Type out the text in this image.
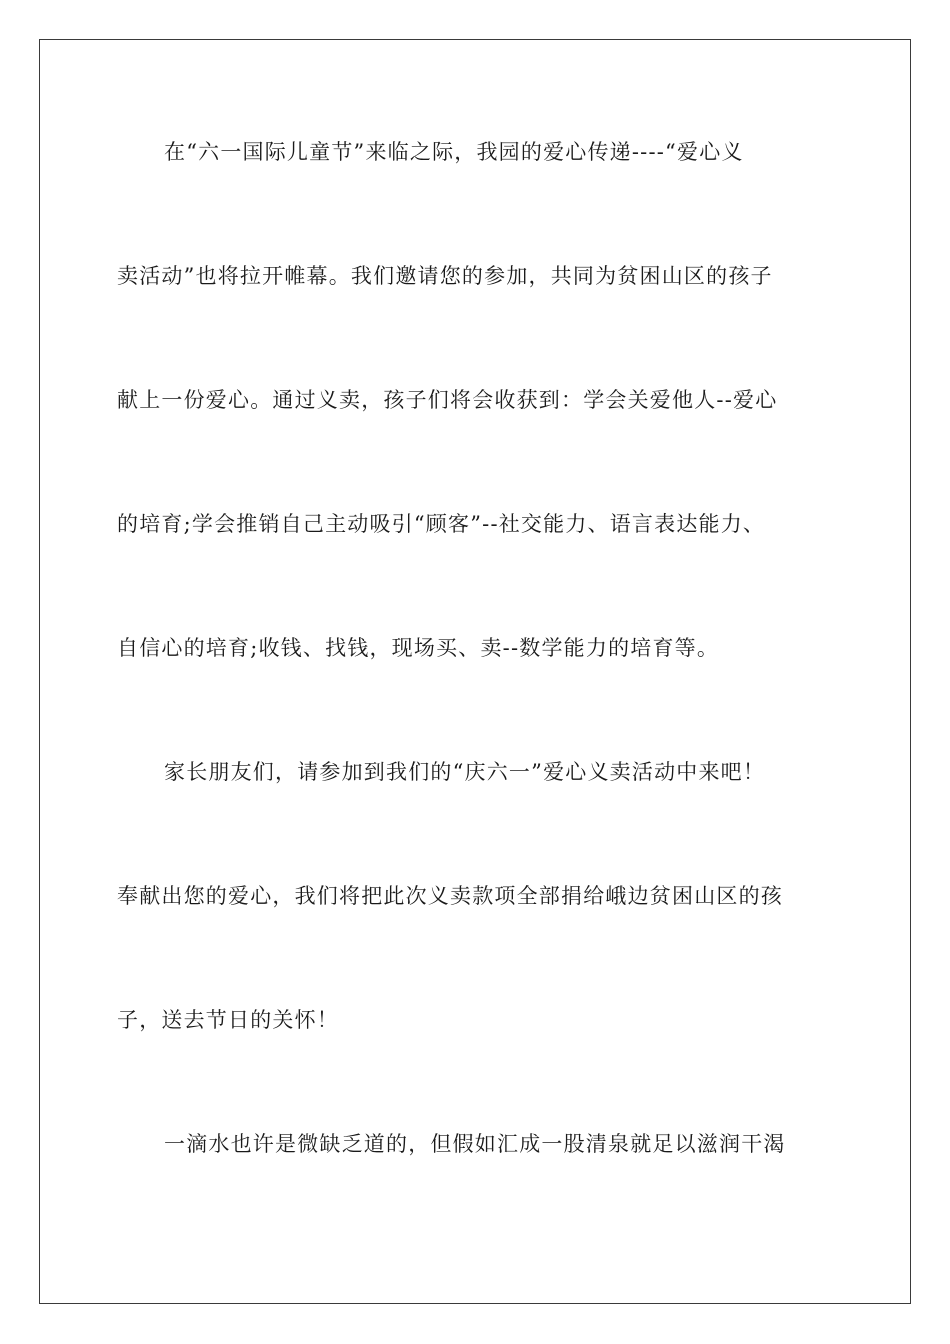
在“六一国际儿童节”来临之际，我园的爱心传递----“爱心义
卖活动”也将拉开帷幕。我们邀请您的参加，共同为贫困山区的孩子
献上一份爱心。通过义卖，孩子们将会收获到：学会关爱他人--爱心
的培育;学会推销自己主动吸引“顾客”--社交能力、语言表达能力、
自信心的培育;收钱、找钱，现场买、卖--数学能力的培育等。
家长朋友们，请参加到我们的“庆六一”爱心义卖活动中来吧！
奉献出您的爱心，我们将把此次义卖款项全部捐给峨边贫困山区的孩
子，送去节日的关怀！
一滴水也许是微缺乏道的，但假如汇成一股清泉就足以滋润干渴
